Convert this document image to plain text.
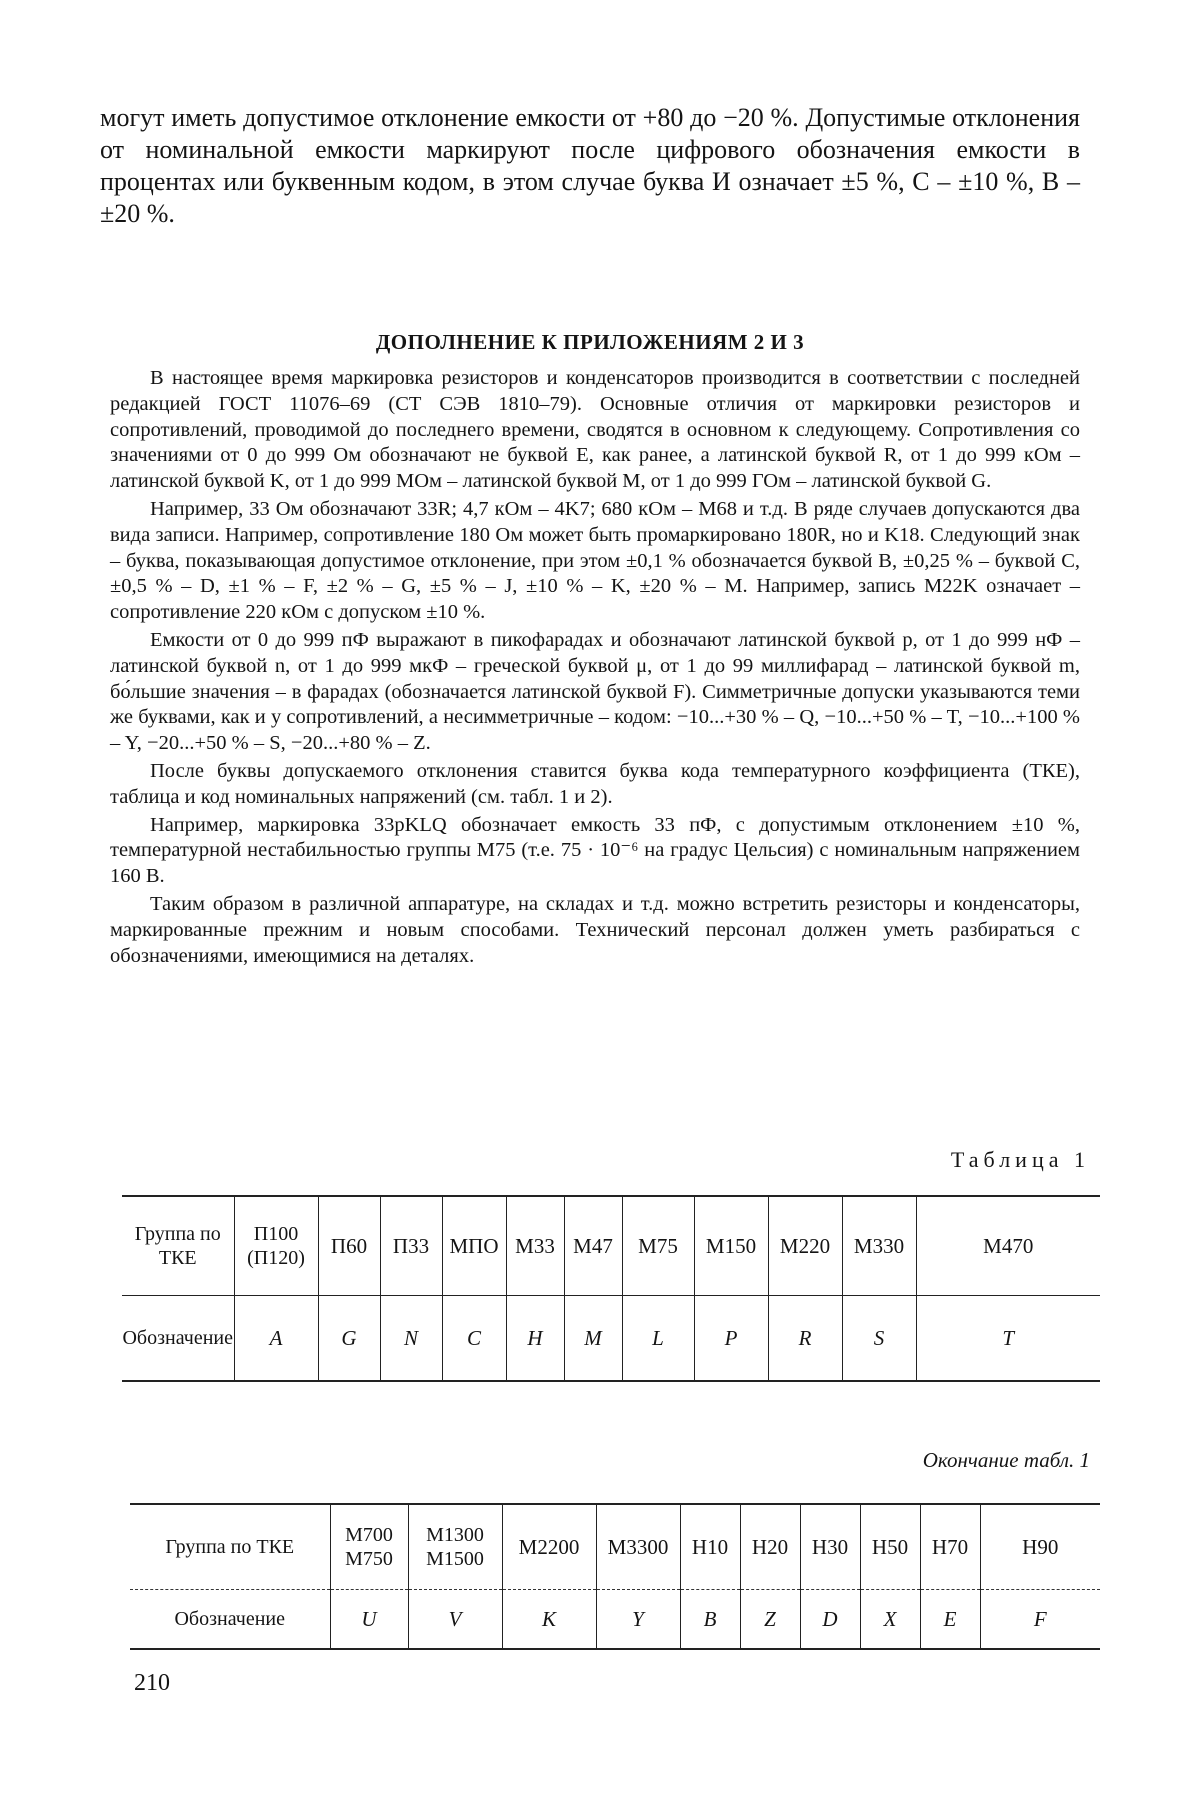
могут иметь допустимое отклонение емкости от +80 до −20 %. Допустимые отклонения от номинальной емкости маркируют после цифрового обозначения емкости в процентах или буквенным кодом, в этом случае буква И означает ±5 %, С – ±10 %, В – ±20 %.

ДОПОЛНЕНИЕ К ПРИЛОЖЕНИЯМ 2 И 3

В настоящее время маркировка резисторов и конденсаторов производится в соответствии с последней редакцией ГОСТ 11076–69 (СТ СЭВ 1810–79). Основные отличия от маркировки резисторов и сопротивлений, проводимой до последнего времени, сводятся в основном к следующему. Сопротивления со значениями от 0 до 999 Ом обозначают не буквой Е, как ранее, а латинской буквой R, от 1 до 999 кОм – латинской буквой K, от 1 до 999 МОм – латинской буквой M, от 1 до 999 ГОм – латинской буквой G.

Например, 33 Ом обозначают 33R; 4,7 кОм – 4K7; 680 кОм – M68 и т.д. В ряде случаев допускаются два вида записи. Например, сопротивление 180 Ом может быть промаркировано 180R, но и K18. Следующий знак – буква, показывающая допустимое отклонение, при этом ±0,1 % обозначается буквой B, ±0,25 % – буквой C, ±0,5 % – D, ±1 % – F, ±2 % – G, ±5 % – J, ±10 % – K, ±20 % – M. Например, запись M22K означает – сопротивление 220 кОм с допуском ±10 %.

Емкости от 0 до 999 пФ выражают в пикофарадах и обозначают латинской буквой p, от 1 до 999 нФ – латинской буквой n, от 1 до 999 мкФ – греческой буквой μ, от 1 до 99 миллифарад – латинской буквой m, бо́льшие значения – в фарадах (обозначается латинской буквой F). Симметричные допуски указываются теми же буквами, как и у сопротивлений, а несимметричные – кодом: −10...+30 % – Q, −10...+50 % – T, −10...+100 % – Y, −20...+50 % – S, −20...+80 % – Z.

После буквы допускаемого отклонения ставится буква кода температурного коэффициента (ТКЕ), таблица и код номинальных напряжений (см. табл. 1 и 2).

Например, маркировка 33pKLQ обозначает емкость 33 пФ, с допустимым отклонением ±10 %, температурной нестабильностью группы М75 (т.е. 75 · 10⁻⁶ на градус Цельсия) с номинальным напряжением 160 В.

Таким образом в различной аппаратуре, на складах и т.д. можно встретить резисторы и конденсаторы, маркированные прежним и новым способами. Технический персонал должен уметь разбираться с обозначениями, имеющимися на деталях.

Таблица 1

Группа по ТКЕ	П100 (П120)	П60	П33	МПО	М33	М47	М75	М150	М220	М330	М470
Обозначение	A	G	N	C	H	M	L	P	R	S	T

Окончание табл. 1

Группа по ТКЕ	М700 М750	М1300 М1500	М2200	М3300	Н10	Н20	Н30	Н50	Н70	Н90
Обозначение	U	V	K	Y	B	Z	D	X	E	F

210
